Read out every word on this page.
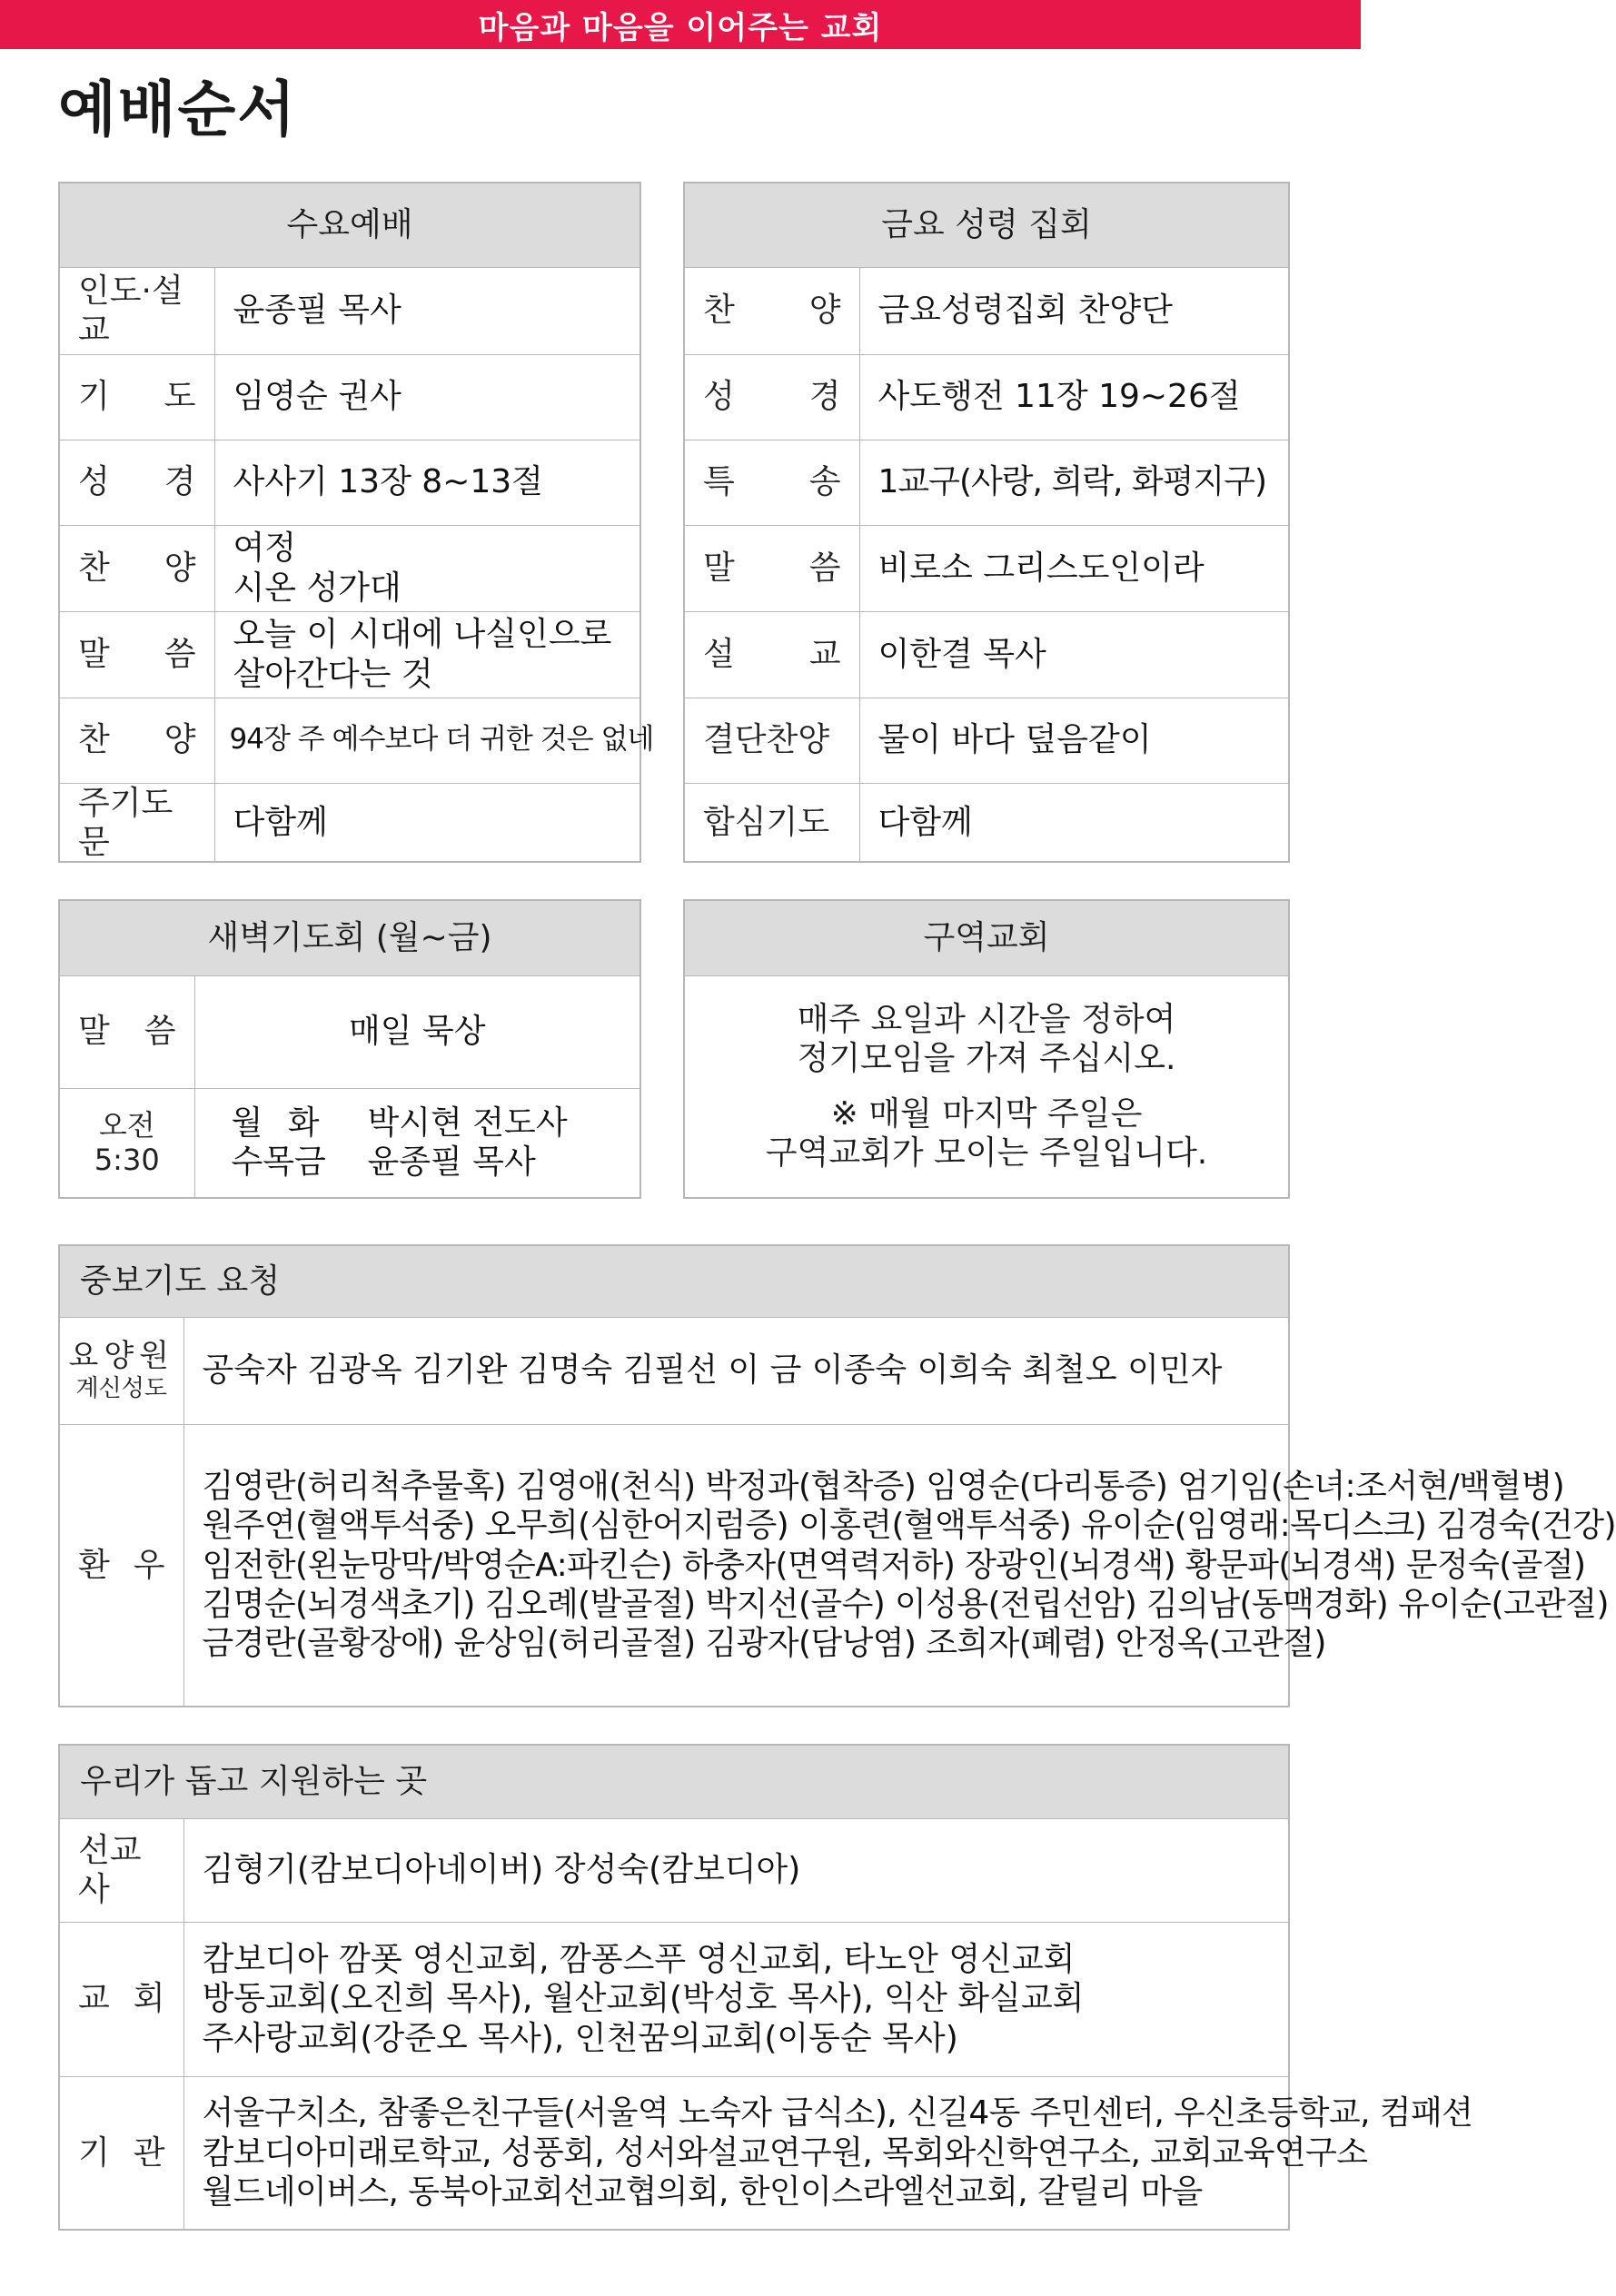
마음과 마음을 이어주는 교회
예배순서
수요예배	
인도·설교	윤종필 목사
기 도	임영순 권사
성 경	사사기 13장 8~13절
찬 양	여정
시온 성가대

말 씀	오늘 이 시대에 나실인으로
살아간다는 것

찬 양	94장 주 예수보다 더 귀한 것은 없네
주기도문	다함께
금요 성령 집회	
찬 양	금요성령집회 찬양단
성 경	사도행전 11장 19~26절
특 송	1교구(사랑, 희락, 화평지구)
말 씀	비로소 그리스도인이라
설 교	이한결 목사
결단찬양	물이 바다 덮음같이
합심기도	다함께
새벽기도회 (월~금)	
말 씀	매일 묵상
오전 5:30	월 화 박시현 전도사
수목금 윤종필 목사
구역교회

매주 요일과 시간을 정하여

정기모임을 가져 주십시오.

※ 매월 마지막 주일은

구역교회가 모이는 주일입니다.

중보기도 요청	

요양원
계신성도	공숙자 김광옥 김기완 김명숙 김필선 이 금 이종숙 이희숙 최철오 이민자
환 우	김영란(허리척추물혹) 김영애(천식) 박정과(협착증) 임영순(다리통증) 엄기임(손녀:조서현/백혈병)
원주연(혈액투석중) 오무희(심한어지럼증) 이홍련(혈액투석중) 유이순(임영래:목디스크) 김경숙(건강)
임전한(왼눈망막/박영순A:파킨슨) 하충자(면역력저하) 장광인(뇌경색) 황문파(뇌경색) 문정숙(골절)
김명순(뇌경색초기) 김오례(발골절) 박지선(골수) 이성용(전립선암) 김의남(동맥경화) 유이순(고관절)
금경란(골황장애) 윤상임(허리골절) 김광자(담낭염) 조희자(폐렴) 안정옥(고관절)
우리가 돕고 지원하는 곳	
선교사	김형기(캄보디아네이버) 장성숙(캄보디아)

교 회	캄보디아 깜폿 영신교회, 깜퐁스푸 영신교회, 타노안 영신교회
방동교회(오진희 목사), 월산교회(박성호 목사), 익산 화실교회
주사랑교회(강준오 목사), 인천꿈의교회(이동순 목사)

기 관	서울구치소, 참좋은친구들(서울역 노숙자 급식소), 신길4동 주민센터, 우신초등학교, 컴패션
캄보디아미래로학교, 성풍회, 성서와설교연구원, 목회와신학연구소, 교회교육연구소
월드네이버스, 동북아교회선교협의회, 한인이스라엘선교회, 갈릴리 마을
